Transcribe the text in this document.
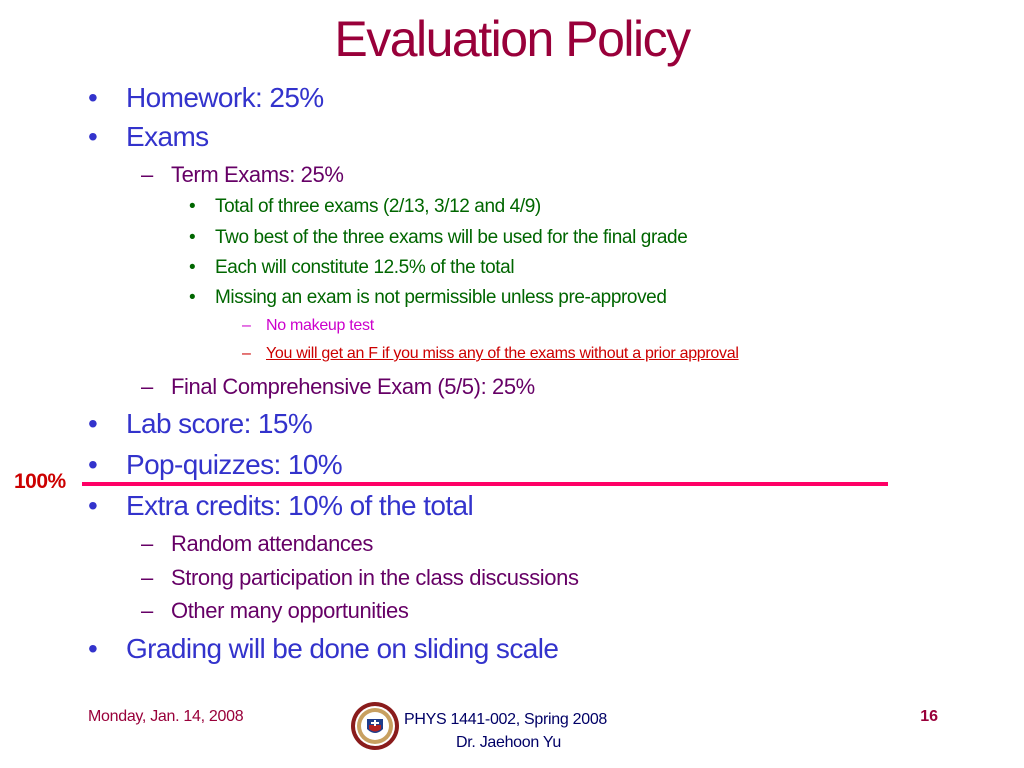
Evaluation Policy
• Homework: 25%
• Exams
– Term Exams: 25%
• Total of three exams (2/13, 3/12 and 4/9)
• Two best of the three exams will be used for the final grade
• Each will constitute 12.5% of the total
• Missing an exam is not permissible unless pre-approved
– No makeup test
– You will get an F if you miss any of the exams without a prior approval
– Final Comprehensive Exam (5/5): 25%
• Lab score: 15%
• Pop-quizzes: 10%
100%
• Extra credits: 10% of the total
– Random attendances
– Strong participation in the class discussions
– Other many opportunities
• Grading will be done on sliding scale
Monday, Jan. 14, 2008	PHYS 1441-002, Spring 2008
Dr. Jaehoon Yu
16
